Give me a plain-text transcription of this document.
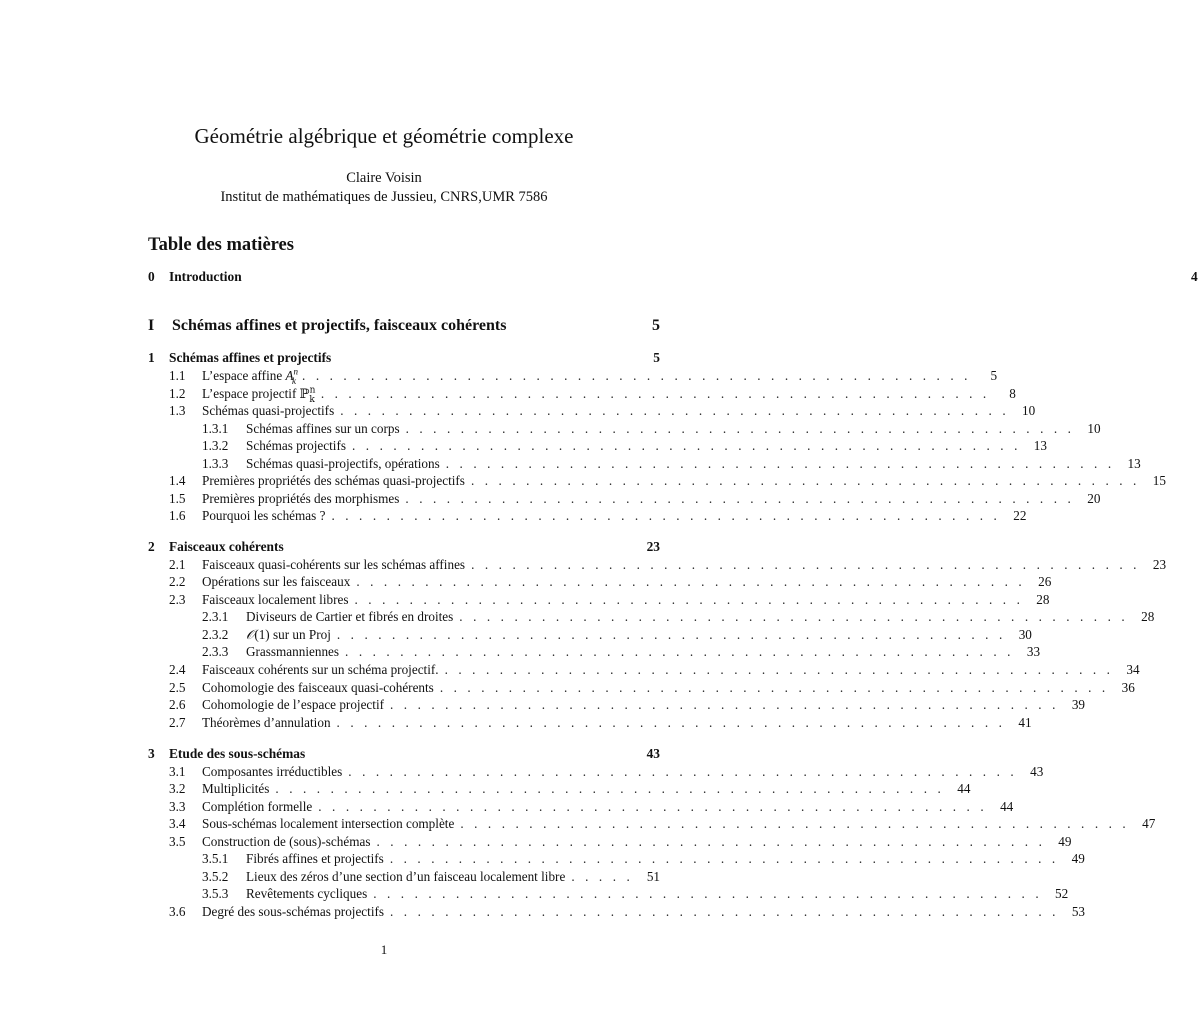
Géométrie algébrique et géométrie complexe
Claire Voisin
Institut de mathématiques de Jussieu, CNRS,UMR 7586
Table des matières
0	Introduction	4
I	Schémas affines et projectifs, faisceaux cohérents	5
1	Schémas affines et projectifs	5
1.1	L’espace affine $A^n_k$ . . . . . . . . . . . . . . . . . . . . . . . . . . . . . . . . . . . . . . . . . . . . . . . . .	5
1.2	L’espace projectif ℙ$^n_k$ . . . . . . . . . . . . . . . . . . . . . . . . . . . . . . . . . . . . . . . . . . . . . . . . .	8
1.3	Schémas quasi-projectifs . . . . . . . . . . . . . . . . . . . . . . . . . . . . . . . . . . . . . . . . . . . . . . . . . 10
1.3.1	Schémas affines sur un corps . . . . . . . . . . . . . . . . . . . . . . . . . . . . . . . . . . . . . . . . . . . . . . . . . 10
1.3.2	Schémas projectifs . . . . . . . . . . . . . . . . . . . . . . . . . . . . . . . . . . . . . . . . . . . . . . . . . 13
1.3.3	Schémas quasi-projectifs, opérations . . . . . . . . . . . . . . . . . . . . . . . . . . . . . . . . . . . . . . . . . . . . . . . . . 13
1.4	Premières propriétés des schémas quasi-projectifs . . . . . . . . . . . . . . . . . . . . . . . . . . . . . . . . . . . . . . . . . . . . . . . . . 15
1.5	Premières propriétés des morphismes . . . . . . . . . . . . . . . . . . . . . . . . . . . . . . . . . . . . . . . . . . . . . . . . . 20
1.6	Pourquoi les schémas ? . . . . . . . . . . . . . . . . . . . . . . . . . . . . . . . . . . . . . . . . . . . . . . . . . 22
2	Faisceaux cohérents	23
2.1	Faisceaux quasi-cohérents sur les schémas affines . . . . . . . . . . . . . . . . . . . . . . . . . . . . . . . . . . . . . . . . . . . . . . . . . 23
2.2	Opérations sur les faisceaux . . . . . . . . . . . . . . . . . . . . . . . . . . . . . . . . . . . . . . . . . . . . . . . . . 26
2.3	Faisceaux localement libres . . . . . . . . . . . . . . . . . . . . . . . . . . . . . . . . . . . . . . . . . . . . . . . . . 28
2.3.1	Diviseurs de Cartier et fibrés en droites . . . . . . . . . . . . . . . . . . . . . . . . . . . . . . . . . . . . . . . . . . . . . . . . . 28
2.3.2	𝒪(1) sur un Proj . . . . . . . . . . . . . . . . . . . . . . . . . . . . . . . . . . . . . . . . . . . . . . . . . 30
2.3.3	Grassmanniennes . . . . . . . . . . . . . . . . . . . . . . . . . . . . . . . . . . . . . . . . . . . . . . . . . 33
2.4	Faisceaux cohérents sur un schéma projectif. . . . . . . . . . . . . . . . . . . . . . . . . . . . . . . . . . . . . . . . . . . . . . . . . . 34
2.5	Cohomologie des faisceaux quasi-cohérents . . . . . . . . . . . . . . . . . . . . . . . . . . . . . . . . . . . . . . . . . . . . . . . . . 36
2.6	Cohomologie de l’espace projectif . . . . . . . . . . . . . . . . . . . . . . . . . . . . . . . . . . . . . . . . . . . . . . . . . 39
2.7	Théorèmes d’annulation . . . . . . . . . . . . . . . . . . . . . . . . . . . . . . . . . . . . . . . . . . . . . . . . . 41
3	Etude des sous-schémas	43
3.1	Composantes irréductibles . . . . . . . . . . . . . . . . . . . . . . . . . . . . . . . . . . . . . . . . . . . . . . . . . 43
3.2	Multiplicités . . . . . . . . . . . . . . . . . . . . . . . . . . . . . . . . . . . . . . . . . . . . . . . . . 44
3.3	Complétion formelle . . . . . . . . . . . . . . . . . . . . . . . . . . . . . . . . . . . . . . . . . . . . . . . . . 44
3.4	Sous-schémas localement intersection complète . . . . . . . . . . . . . . . . . . . . . . . . . . . . . . . . . . . . . . . . . . . . . . . . . 47
3.5	Construction de (sous)-schémas . . . . . . . . . . . . . . . . . . . . . . . . . . . . . . . . . . . . . . . . . . . . . . . . . 49
3.5.1	Fibrés affines et projectifs . . . . . . . . . . . . . . . . . . . . . . . . . . . . . . . . . . . . . . . . . . . . . . . . . 49
3.5.2	Lieux des zéros d’une section d’un faisceau localement libre . . . . .	51
3.5.3	Revêtements cycliques . . . . . . . . . . . . . . . . . . . . . . . . . . . . . . . . . . . . . . . . . . . . . . . . . 52
3.6	Degré des sous-schémas projectifs . . . . . . . . . . . . . . . . . . . . . . . . . . . . . . . . . . . . . . . . . . . . . . . . . 53
1
